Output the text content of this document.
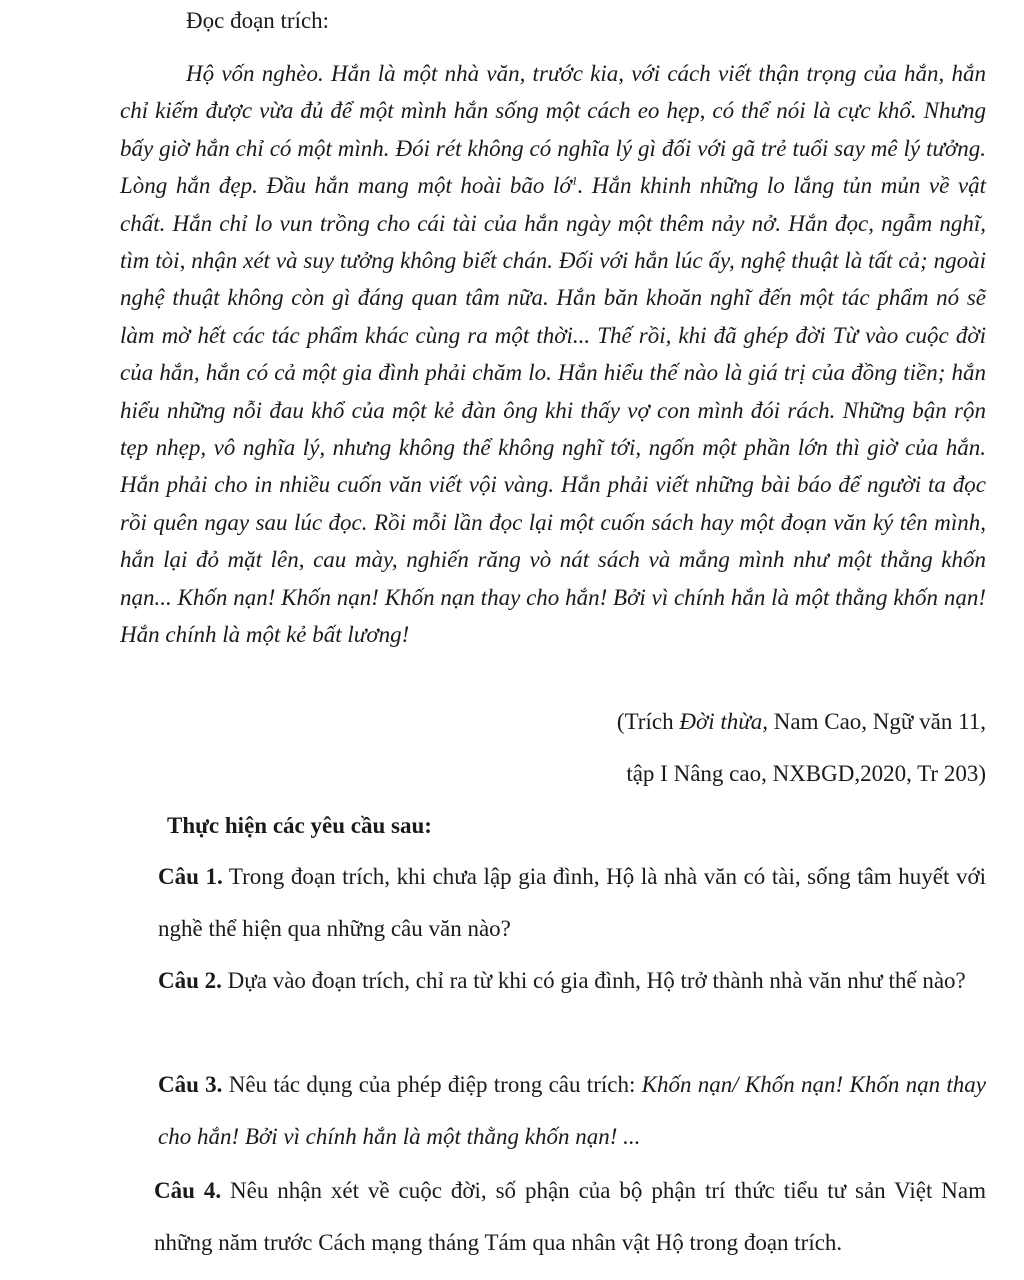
Đọc đoạn trích:

Hộ vốn nghèo. Hắn là một nhà văn, trước kia, với cách viết thận trọng của hắn, hắn chỉ kiếm được vừa đủ để một mình hắn sống một cách eo hẹp, có thể nói là cực khổ. Nhưng bấy giờ hắn chỉ có một mình. Đói rét không có nghĩa lý gì đối với gã trẻ tuổi say mê lý tưởng. Lòng hắn đẹp. Đầu hắn mang một hoài bão lớ$^1$. Hắn khinh những lo lắng tủn mủn về vật chất. Hắn chỉ lo vun trồng cho cái tài của hắn ngày một thêm nảy nở. Hắn đọc, ngẫm nghĩ, tìm tòi, nhận xét và suy tưởng không biết chán. Đối với hắn lúc ấy, nghệ thuật là tất cả; ngoài nghệ thuật không còn gì đáng quan tâm nữa. Hắn băn khoăn nghĩ đến một tác phẩm nó sẽ làm mờ hết các tác phẩm khác cùng ra một thời... Thế rồi, khi đã ghép đời Từ vào cuộc đời của hắn, hắn có cả một gia đình phải chăm lo. Hắn hiểu thế nào là giá trị của đồng tiền; hắn hiểu những nỗi đau khổ của một kẻ đàn ông khi thấy vợ con mình đói rách. Những bận rộn tẹp nhẹp, vô nghĩa lý, nhưng không thể không nghĩ tới, ngốn một phần lớn thì giờ của hắn. Hắn phải cho in nhiều cuốn văn viết vội vàng. Hắn phải viết những bài báo để người ta đọc rồi quên ngay sau lúc đọc. Rồi mỗi lần đọc lại một cuốn sách hay một đoạn văn ký tên mình, hắn lại đỏ mặt lên, cau mày, nghiến răng vò nát sách và mắng mình như một thằng khốn nạn... Khốn nạn! Khốn nạn! Khốn nạn thay cho hắn! Bởi vì chính hắn là một thằng khốn nạn! Hắn chính là một kẻ bất lương!

(Trích Đời thừa, Nam Cao, Ngữ văn 11,
tập I Nâng cao, NXBGD,2020, Tr 203)
Thực hiện các yêu cầu sau:

Câu 1. Trong đoạn trích, khi chưa lập gia đình, Hộ là nhà văn có tài, sống tâm huyết với nghề thể hiện qua những câu văn nào?

Câu 2. Dựa vào đoạn trích, chỉ ra từ khi có gia đình, Hộ trở thành nhà văn như thế nào?

Câu 3. Nêu tác dụng của phép điệp trong câu trích: Khốn nạn/ Khốn nạn! Khốn nạn thay cho hắn! Bởi vì chính hắn là một thằng khốn nạn! ...

Câu 4. Nêu nhận xét về cuộc đời, số phận của bộ phận trí thức tiểu tư sản Việt Nam những năm trước Cách mạng tháng Tám qua nhân vật Hộ trong đoạn trích.
